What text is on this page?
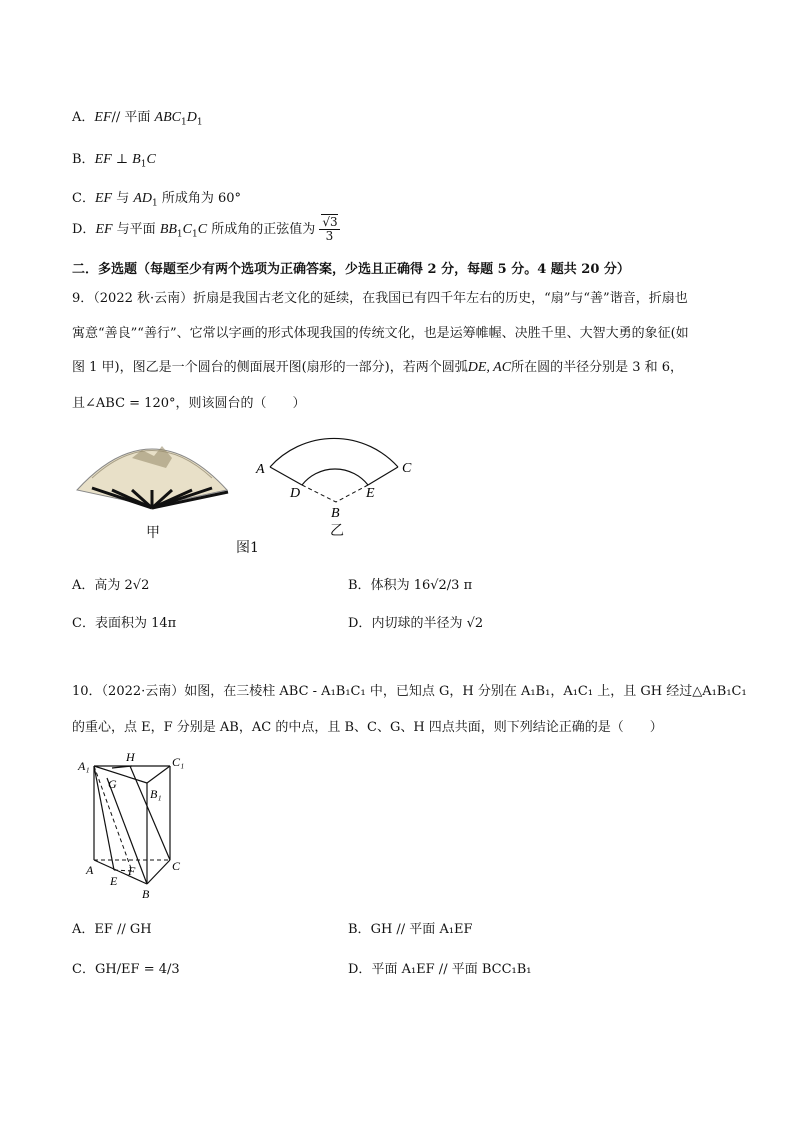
A．EF// 平面 $ABC_1D_1$
B．EF ⊥ $B_1C$
C．EF 与 $AD_1$ 所成角为 60°
D．EF 与平面 $BB_1C_1C$ 所成角的正弦值为 $\frac{√3}{3}$
二．多选题（每题至少有两个选项为正确答案，少选且正确得 2 分，每题 5 分。4 题共 20 分）
9．（2022 秋·云南）折扇是我国古老文化的延续，在我国已有四千年左右的历史，“扇”与“善”谐音，折扇也
寓意“善良”“善行”、它常以字画的形式体现我国的传统文化，也是运筹帷幄、决胜千里、大智大勇的象征(如
图 1 甲)，图乙是一个圆台的侧面展开图(扇形的一部分)，若两个圆弧DE, AC所在圆的半径分别是 3 和 6，
且∠ABC = 120°，则该圆台的（　　）
甲
A	C
D	E
B
乙
图1
A．高为 2√2	B．体积为 16√2/3 π
C．表面积为 14π	D．内切球的半径为 √2
10．（2022·云南）如图，在三棱柱 ABC - A₁B₁C₁ 中，已知点 G，H 分别在 A₁B₁，A₁C₁ 上，且 GH 经过△A₁B₁C₁
的重心，点 E，F 分别是 AB，AC 的中点，且 B、C、G、H 四点共面，则下列结论正确的是（　　）
A₁
H	C₁
G
B₁
A
E
F
B
C
A．EF // GH	B．GH // 平面 A₁EF
C．GH/EF = 4/3	D．平面 A₁EF // 平面 BCC₁B₁
